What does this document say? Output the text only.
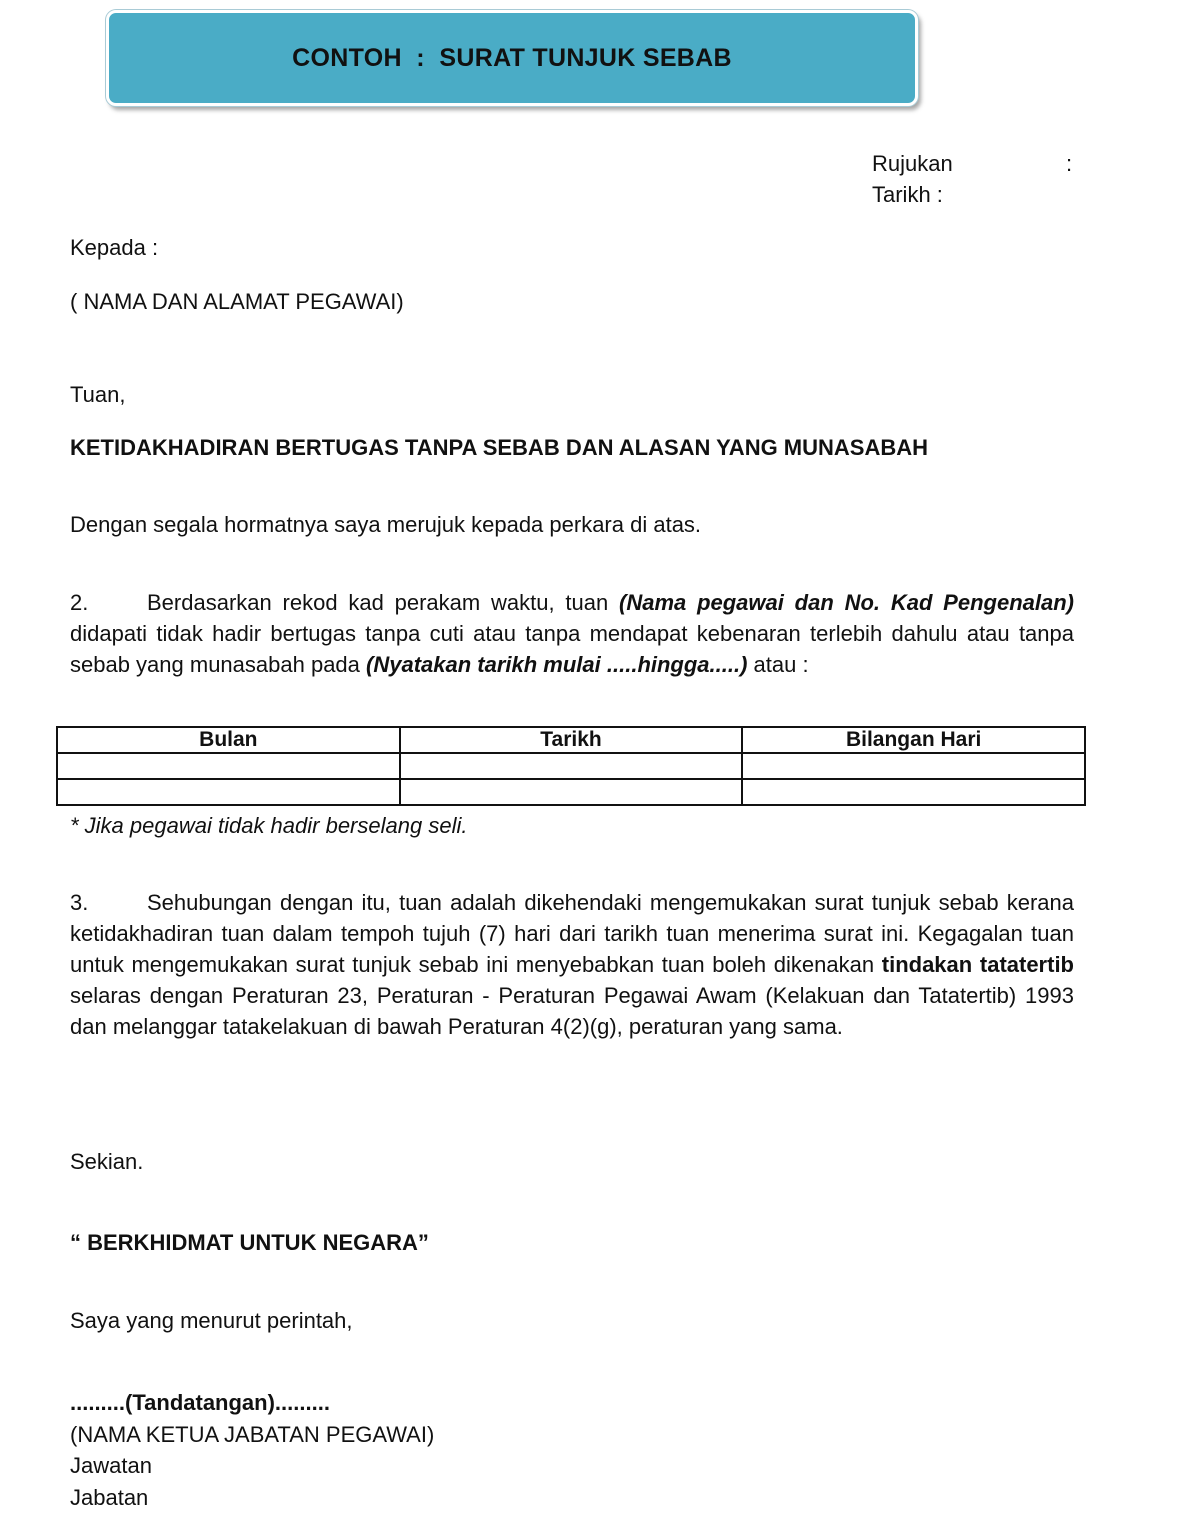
CONTOH  :  SURAT TUNJUK SEBAB
Rujukan	:
Tarikh :
Kepada :
( NAMA DAN ALAMAT PEGAWAI)
Tuan,
KETIDAKHADIRAN BERTUGAS TANPA SEBAB DAN ALASAN YANG MUNASABAH
Dengan segala hormatnya saya merujuk kepada perkara di atas.
2.	Berdasarkan rekod kad perakam waktu, tuan (Nama pegawai dan No. Kad Pengenalan) didapati tidak hadir bertugas tanpa cuti atau tanpa mendapat kebenaran terlebih dahulu atau tanpa sebab yang munasabah pada (Nyatakan tarikh mulai .....hingga.....) atau :
Bulan	Tarikh	Bilangan Hari

* Jika pegawai tidak hadir berselang seli.
3.	Sehubungan dengan itu, tuan adalah dikehendaki mengemukakan surat tunjuk sebab kerana ketidakhadiran tuan dalam tempoh tujuh (7) hari dari tarikh tuan menerima surat ini. Kegagalan tuan untuk mengemukakan surat tunjuk sebab ini menyebabkan tuan boleh dikenakan tindakan tatatertib selaras dengan Peraturan 23, Peraturan - Peraturan Pegawai Awam (Kelakuan dan Tatatertib) 1993 dan melanggar tatakelakuan di bawah Peraturan 4(2)(g), peraturan yang sama.
Sekian.
“ BERKHIDMAT UNTUK NEGARA”
Saya yang menurut perintah,
.........(Tandatangan).........
(NAMA KETUA JABATAN PEGAWAI)
Jawatan
Jabatan
